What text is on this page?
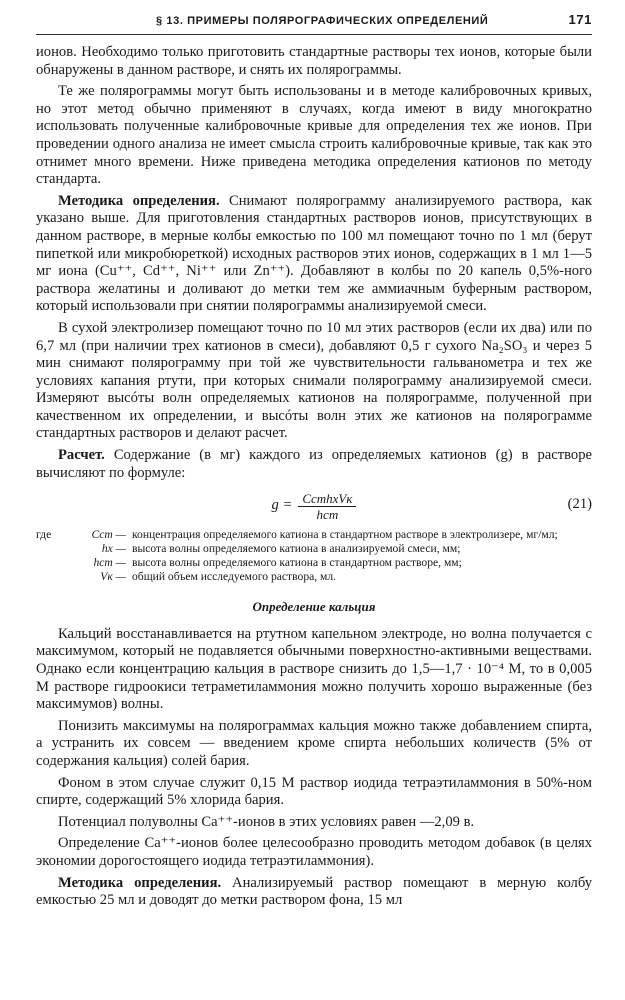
§ 13. ПРИМЕРЫ ПОЛЯРОГРАФИЧЕСКИХ ОПРЕДЕЛЕНИЙ	171

ионов. Необходимо только приготовить стандартные растворы тех ионов, которые были обнаружены в данном растворе, и снять их полярограммы.

Те же полярограммы могут быть использованы и в методе калибровочных кривых, но этот метод обычно применяют в случаях, когда имеют в виду многократно использовать полученные калибровочные кривые для определения тех же ионов. При проведении одного анализа не имеет смысла строить калибровочные кривые, так как это отнимет много времени. Ниже приведена методика определения катионов по методу стандарта.

Методика определения. Снимают полярограмму анализируемого раствора, как указано выше. Для приготовления стандартных растворов ионов, присутствующих в данном растворе, в мерные колбы емкостью по 100 мл помещают точно по 1 мл (берут пипеткой или микробюреткой) исходных растворов этих ионов, содержащих в 1 мл 1—5 мг иона (Cu⁺⁺, Cd⁺⁺, Ni⁺⁺ или Zn⁺⁺). Добавляют в колбы по 20 капель 0,5%-ного раствора желатины и доливают до метки тем же аммиачным буферным раствором, который использовали при снятии полярограммы анализируемой смеси.

В сухой электролизер помещают точно по 10 мл этих растворов (если их два) или по 6,7 мл (при наличии трех катионов в смеси), добавляют 0,5 г сухого Na₂SO₃ и через 5 мин снимают полярограмму при той же чувствительности гальванометра и тех же условиях капания ртути, при которых снимали полярограмму анализируемой смеси. Измеряют высóты волн определяемых катионов на полярограмме, полученной при качественном их определении, и высóты волн этих же катионов на полярограмме стандартных растворов и делают расчет.

Расчет. Содержание (в мг) каждого из определяемых катионов (g) в растворе вычисляют по формуле:

$g = \frac{\text{CстhxVк}}{\text{hст}}$	(21)
где	Cст — концентрация определяемого катиона в стандартном растворе в электролизере, мг/мл;
hx — высота волны определяемого катиона в анализируемой смеси, мм;
hст — высота волны определяемого катиона в стандартном растворе, мм;
Vк — общий объем исследуемого раствора, мл.
Определение кальция

Кальций восстанавливается на ртутном капельном электроде, но волна получается с максимумом, который не подавляется обычными поверхностно-активными веществами. Однако если концентрацию кальция в растворе снизить до 1,5—1,7 · 10⁻⁴ M, то в 0,005 M растворе гидроокиси тетраметиламмония можно получить хорошо выраженные (без максимумов) волны.

Понизить максимумы на полярограммах кальция можно также добавлением спирта, а устранить их совсем — введением кроме спирта небольших количеств (5% от содержания кальция) солей бария.

Фоном в этом случае служит 0,15 M раствор иодида тетраэтиламмония в 50%-ном спирте, содержащий 5% хлорида бария.

Потенциал полуволны Ca⁺⁺-ионов в этих условиях равен —2,09 в.

Определение Ca⁺⁺-ионов более целесообразно проводить методом добавок (в целях экономии дорогостоящего иодида тетраэтиламмония).

Методика определения. Анализируемый раствор помещают в мерную колбу емкостью 25 мл и доводят до метки раствором фона, 15 мл
